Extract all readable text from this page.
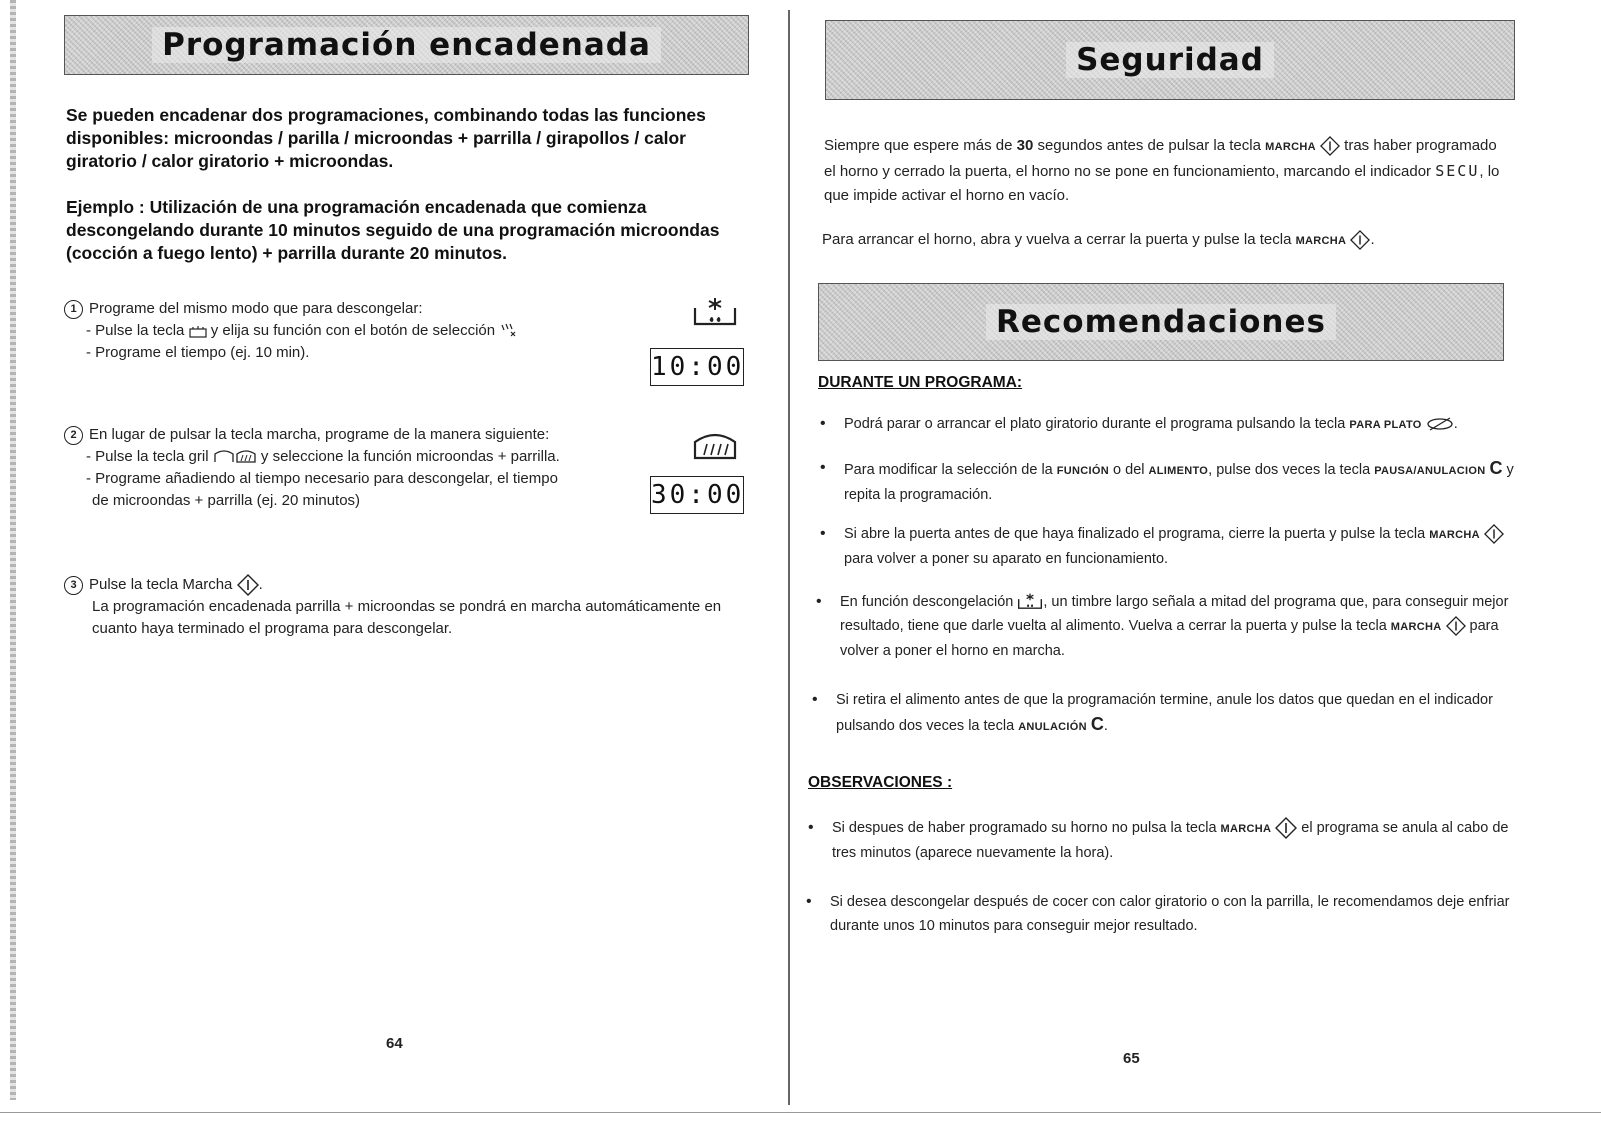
Programación encadenada

Se pueden encadenar dos programaciones, combinando todas las funciones disponibles: microondas / parilla / microondas + parrilla / girapollos / calor giratorio / calor giratorio + microondas.

Ejemplo : Utilización de una programación encadenada que comienza descongelando durante 10 minutos seguido de una programación microondas (cocción a fuego lento) + parrilla durante 20 minutos.

1 Programe del mismo modo que para descongelar:
- Pulse la tecla y elija su función con el botón de selección
- Programe el tiempo (ej. 10 min).	10:00
2 En lugar de pulsar la tecla marcha, programe de la manera siguiente:
- Pulse la tecla gril	y seleccione la función microondas + parrilla.
- Programe añadiendo al tiempo necesario para descongelar, el tiempo
de microondas + parrilla (ej. 20 minutos)	30:00
3 Pulse la tecla Marcha .
La programación encadenada parrilla + microondas se pondrá en marcha automáticamente en cuanto haya terminado el programa para descongelar.
64
Seguridad
Siempre que espere más de 30 segundos antes de pulsar la tecla MARCHA tras haber programado el horno y cerrado la puerta, el horno no se pone en funcionamiento, marcando el indicador SECU, lo que impide activar el horno en vacío.
Para arrancar el horno, abra y vuelva a cerrar la puerta y pulse la tecla MARCHA .
Recomendaciones
DURANTE UN PROGRAMA:
• Podrá parar o arrancar el plato giratorio durante el programa pulsando la tecla PARA PLATO .
• Para modificar la selección de la FUNCIÓN o del ALIMENTO, pulse dos veces la tecla PAUSA/ANULACION C y repita la programación.
• Si abre la puerta antes de que haya finalizado el programa, cierre la puerta y pulse la tecla MARCHA  para volver a poner su aparato en funcionamiento.
• En función descongelación , un timbre largo señala a mitad del programa que, para conseguir mejor resultado, tiene que darle vuelta al alimento. Vuelva a cerrar la puerta y pulse la tecla MARCHA para volver a poner el horno en marcha.
• Si retira el alimento antes de que la programación termine, anule los datos que quedan en el indicador pulsando dos veces la tecla ANULACIÓN C.
OBSERVACIONES :
• Si despues de haber programado su horno no pulsa la tecla MARCHA el programa se anula al cabo de tres minutos (aparece nuevamente la hora).
• Si desea descongelar después de cocer con calor giratorio o con la parrilla, le recomendamos deje enfriar durante unos 10 minutos para conseguir mejor resultado.
65
